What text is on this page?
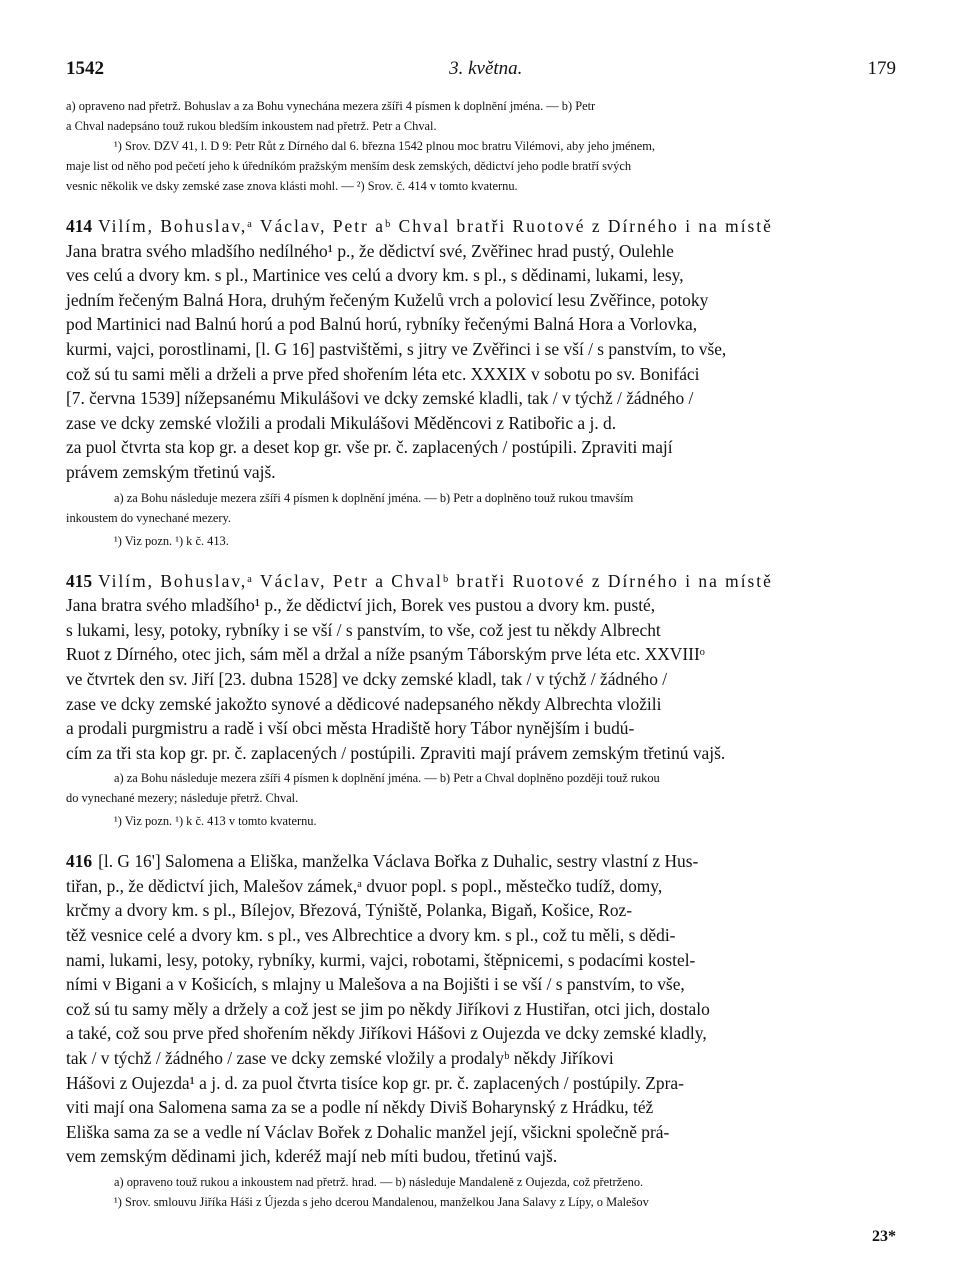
1542	3. května.	179

a) opraveno nad přetrž. Bohuslav a za Bohu vynechána mezera zšíři 4 písmen k doplnění jména. — b) Petr

a Chval nadepsáno touž rukou bledším inkoustem nad přetrž. Petr a Chval.

¹) Srov. DZV 41, l. D 9: Petr Růt z Dírného dal 6. března 1542 plnou moc bratru Vilémovi, aby jeho jménem,

maje list od něho pod pečetí jeho k úředníkóm pražským menším desk zemských, dědictví jeho podle bratří svých

vesnic několik ve dsky zemské zase znova klásti mohl. — ²) Srov. č. 414 v tomto kvaternu.

414 Vilím, Bohuslav,ᵃ Václav, Petr aᵇ Chval bratři Ruotové z Dírného i na místě

Jana bratra svého mladšího nedílného¹ p., že dědictví své, Zvěřinec hrad pustý, Oulehle

ves celú a dvory km. s pl., Martinice ves celú a dvory km. s pl., s dědinami, lukami, lesy,

jedním řečeným Balná Hora, druhým řečeným Kuželů vrch a polovicí lesu Zvěřince, potoky

pod Martinici nad Balnú horú a pod Balnú horú, rybníky řečenými Balná Hora a Vorlovka,

kurmi, vajci, porostlinami, [l. G 16] pastvištěmi, s jitry ve Zvěřinci i se vší / s panstvím, to vše,

což sú tu sami měli a drželi a prve před shořením léta etc. XXXIX v sobotu po sv. Bonifáci

[7. června 1539] nížepsanému Mikulášovi ve dcky zemské kladli, tak / v týchž / žádného /

zase ve dcky zemské vložili a prodali Mikulášovi Měděncovi z Ratibořic a j. d.

za puol čtvrta sta kop gr. a deset kop gr. vše pr. č. zaplacených / postúpili. Zpraviti mají

právem zemským třetinú vajš.

a) za Bohu následuje mezera zšíři 4 písmen k doplnění jména. — b) Petr a doplněno touž rukou tmavším

inkoustem do vynechané mezery.

¹) Viz pozn. ¹) k č. 413.

415 Vilím, Bohuslav,ᵃ Václav, Petr a Chvalᵇ bratři Ruotové z Dírného i na místě

Jana bratra svého mladšího¹ p., že dědictví jich, Borek ves pustou a dvory km. pusté,

s lukami, lesy, potoky, rybníky i se vší / s panstvím, to vše, což jest tu někdy Albrecht

Ruot z Dírného, otec jich, sám měl a držal a níže psaným Táborským prve léta etc. XXVIIIᵒ

ve čtvrtek den sv. Jiří [23. dubna 1528] ve dcky zemské kladl, tak / v týchž / žádného /

zase ve dcky zemské jakožto synové a dědicové nadepsaného někdy Albrechta vložili

a prodali purgmistru a radě i vší obci města Hradiště hory Tábor nynějším i budú-

cím za tři sta kop gr. pr. č. zaplacených / postúpili. Zpraviti mají právem zemským třetinú vajš.

a) za Bohu následuje mezera zšíři 4 písmen k doplnění jména. — b) Petr a Chval doplněno později touž rukou

do vynechané mezery; následuje přetrž. Chval.

¹) Viz pozn. ¹) k č. 413 v tomto kvaternu.

416 [l. G 16'] Salomena a Eliška, manželka Václava Bořka z Duhalic, sestry vlastní z Hus-

tiřan, p., že dědictví jich, Malešov zámek,ᵃ dvuor popl. s popl., městečko tudíž, domy,

krčmy a dvory km. s pl., Bílejov, Březová, Týniště, Polanka, Bigaň, Košice, Roz-

těž vesnice celé a dvory km. s pl., ves Albrechtice a dvory km. s pl., což tu měli, s dědi-

nami, lukami, lesy, potoky, rybníky, kurmi, vajci, robotami, štěpnicemi, s podacími kostel-

ními v Bigani a v Košicích, s mlajny u Malešova a na Bojišti i se vší / s panstvím, to vše,

což sú tu samy měly a držely a což jest se jim po někdy Jiříkovi z Hustiřan, otci jich, dostalo

a také, což sou prve před shořením někdy Jiříkovi Hášovi z Oujezda ve dcky zemské kladly,

tak / v týchž / žádného / zase ve dcky zemské vložily a prodalyᵇ někdy Jiříkovi

Hášovi z Oujezda¹ a j. d. za puol čtvrta tisíce kop gr. pr. č. zaplacených / postúpily. Zpra-

viti mají ona Salomena sama za se a podle ní někdy Diviš Boharynský z Hrádku, též

Eliška sama za se a vedle ní Václav Bořek z Dohalic manžel její, všickni společně prá-

vem zemským dědinami jich, kderéž mají neb míti budou, třetinú vajš.

a) opraveno touž rukou a inkoustem nad přetrž. hrad. — b) následuje Mandaleně z Oujezda, což přetrženo.

¹) Srov. smlouvu Jiříka Háši z Újezda s jeho dcerou Mandalenou, manželkou Jana Salavy z Lípy, o Malešov

23*
